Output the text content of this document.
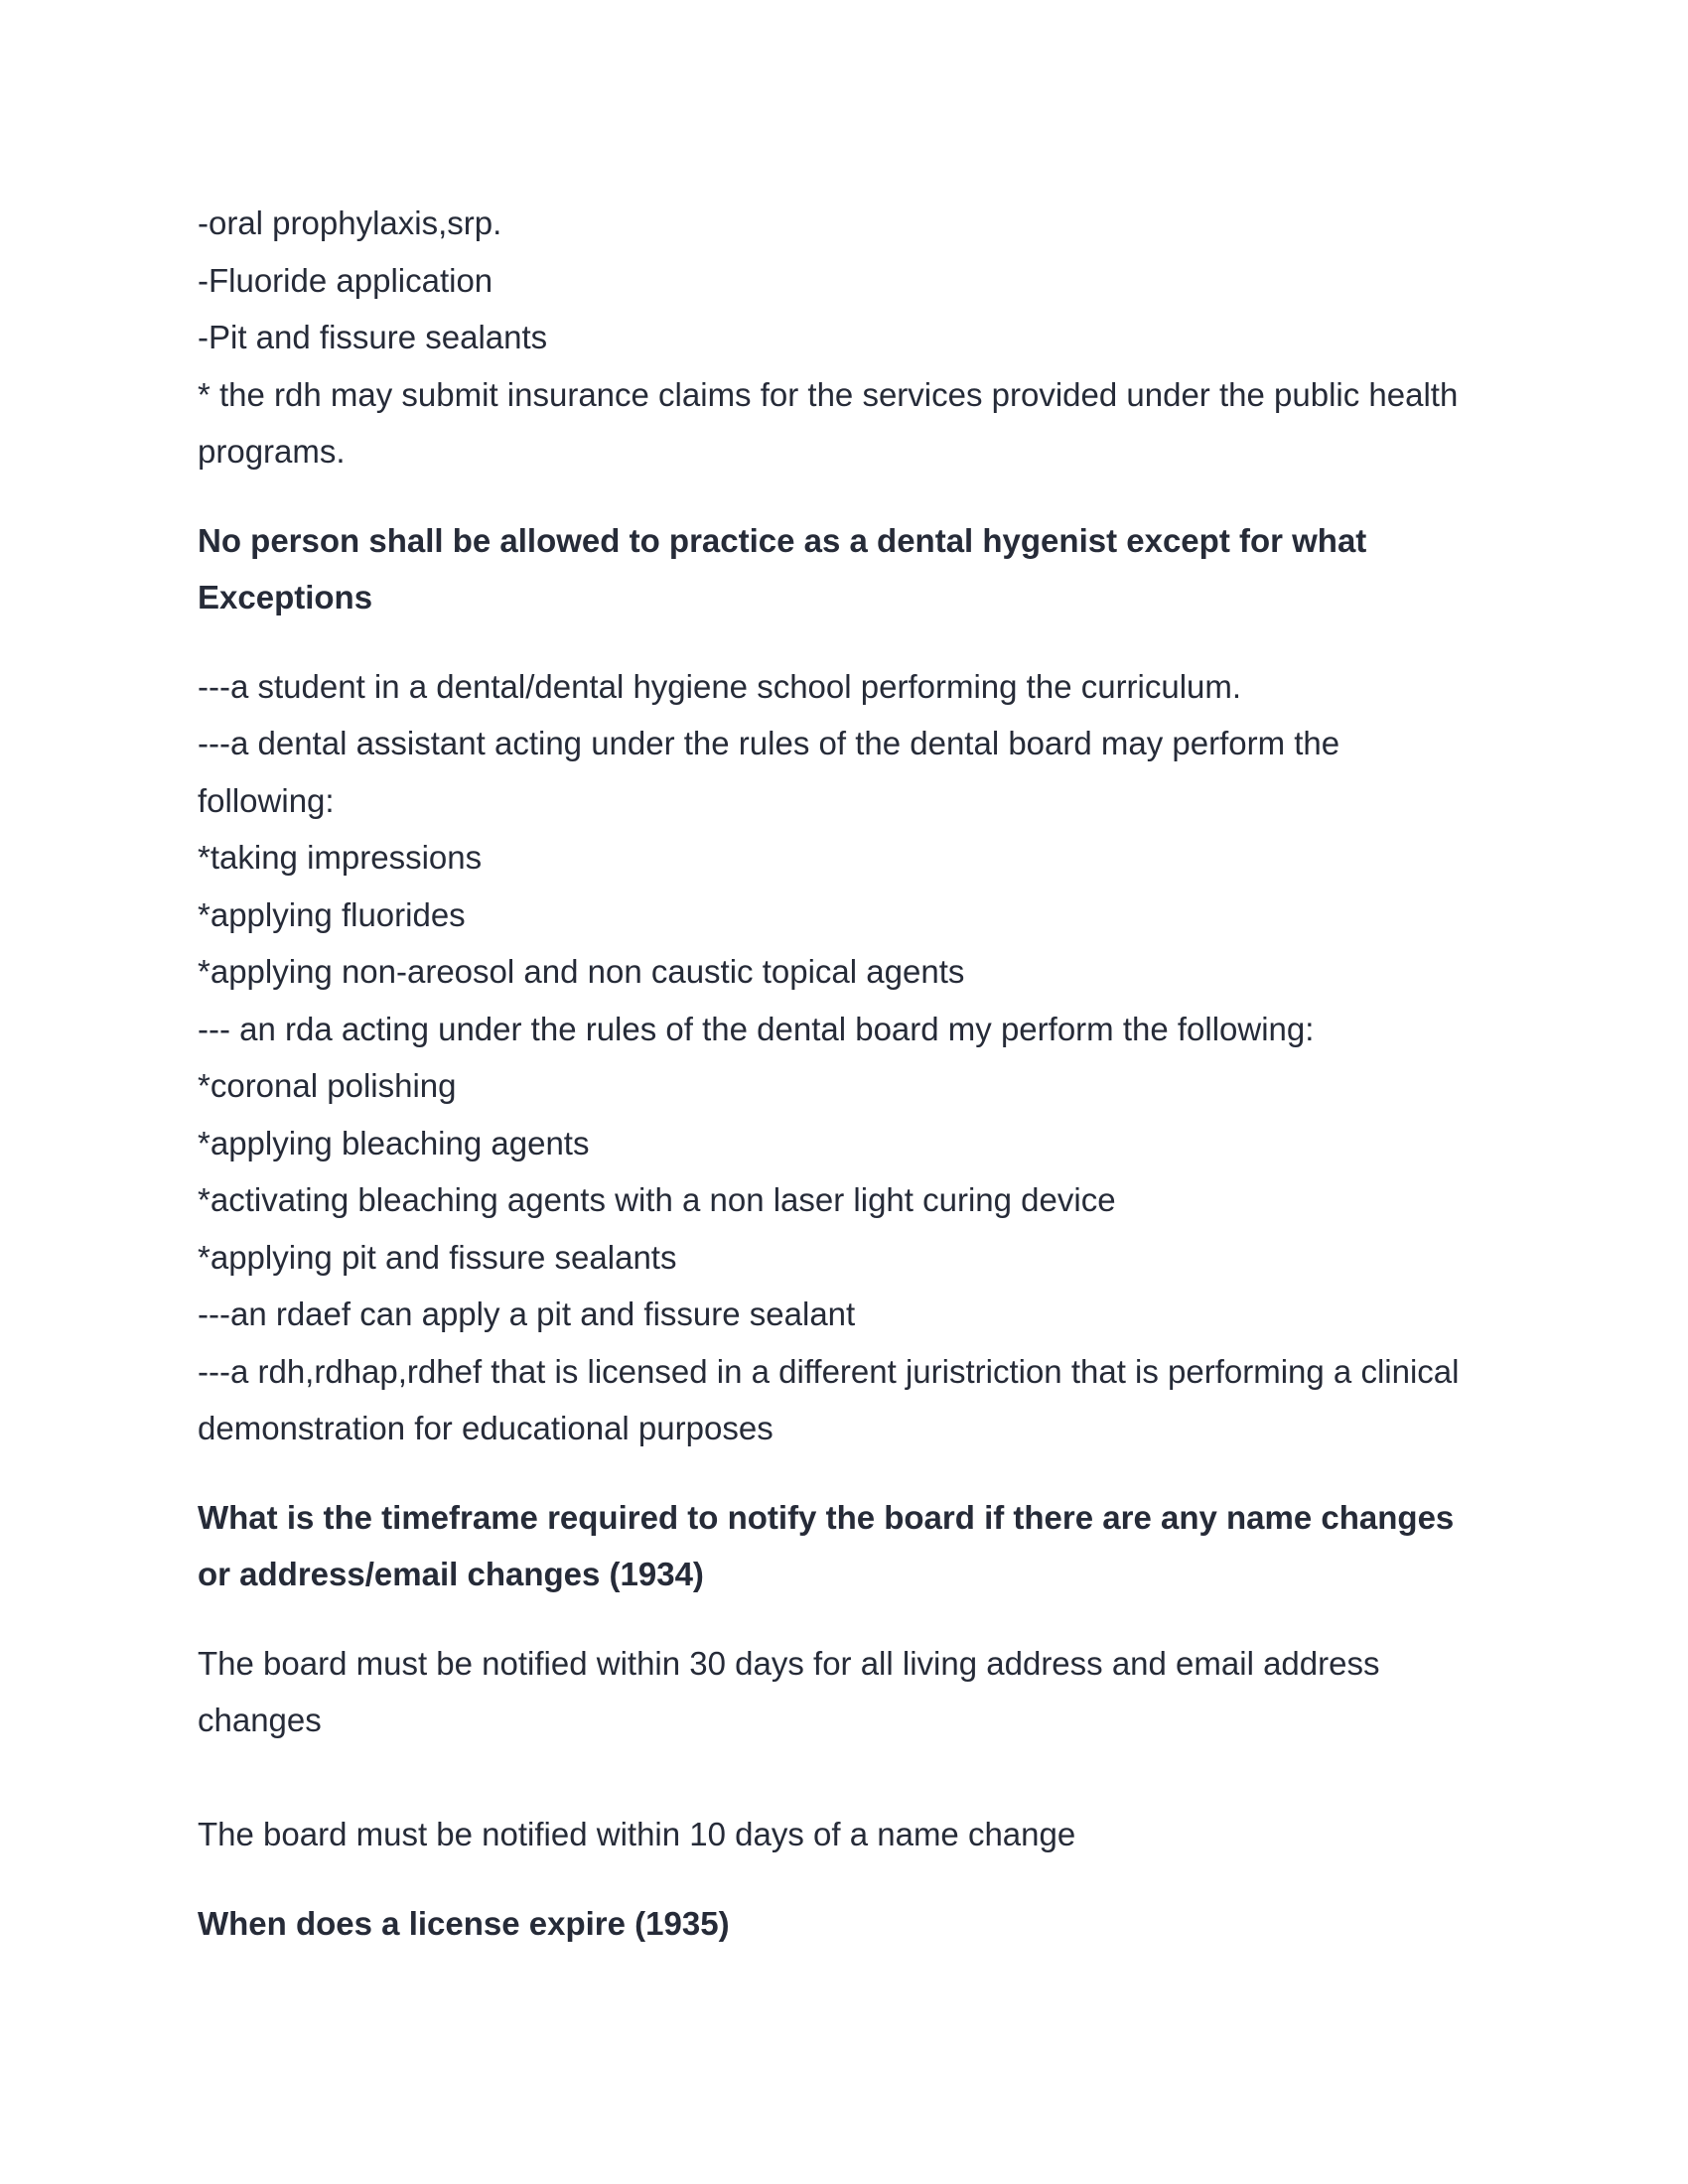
-oral prophylaxis,srp.
-Fluoride application
-Pit and fissure sealants
* the rdh may submit insurance claims for the services provided under the public health
programs.
No person shall be allowed to practice as a dental hygenist except for what
Exceptions
---a student in a dental/dental hygiene school performing the curriculum.
---a dental assistant acting under the rules of the dental board may perform the
following:
*taking impressions
*applying fluorides
*applying non-areosol and non caustic topical agents
--- an rda acting under the rules of the dental board my perform the following:
*coronal polishing
*applying bleaching agents
*activating bleaching agents with a non laser light curing device
*applying pit and fissure sealants
---an rdaef can apply a pit and fissure sealant
---a rdh,rdhap,rdhef that is licensed in a different juristriction that is performing a clinical
demonstration for educational purposes
What is the timeframe required to notify the board if there are any name changes
or address/email changes (1934)
The board must be notified within 30 days for all living address and email address
changes
The board must be notified within 10 days of a name change
When does a license expire (1935)
